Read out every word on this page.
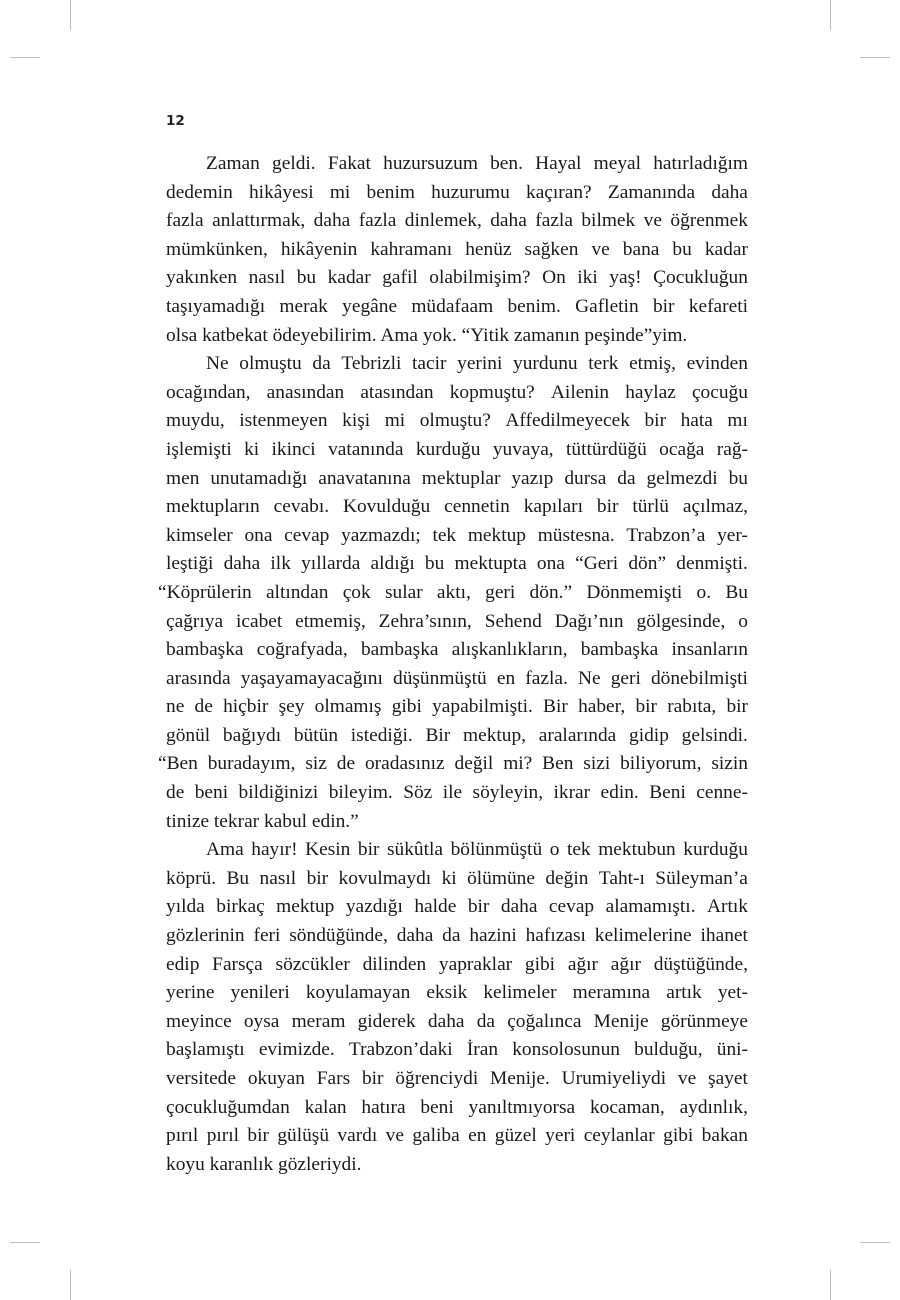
12
Zaman geldi. Fakat huzursuzum ben. Hayal meyal hatırladığım
dedemin hikâyesi mi benim huzurumu kaçıran? Zamanında daha
fazla anlattırmak, daha fazla dinlemek, daha fazla bilmek ve öğrenmek
mümkünken, hikâyenin kahramanı henüz sağken ve bana bu kadar
yakınken nasıl bu kadar gafil olabilmişim? On iki yaş! Çocukluğun
taşıyamadığı merak yegâne müdafaam benim. Gafletin bir kefareti
olsa katbekat ödeyebilirim. Ama yok. “Yitik zamanın peşinde”yim.
Ne olmuştu da Tebrizli tacir yerini yurdunu terk etmiş, evinden
ocağından, anasından atasından kopmuştu? Ailenin haylaz çocuğu
muydu, istenmeyen kişi mi olmuştu? Affedilmeyecek bir hata mı
işlemişti ki ikinci vatanında kurduğu yuvaya, tüttürdüğü ocağa rağ-
men unutamadığı anavatanına mektuplar yazıp dursa da gelmezdi bu
mektupların cevabı. Kovulduğu cennetin kapıları bir türlü açılmaz,
kimseler ona cevap yazmazdı; tek mektup müstesna. Trabzon’a yer-
leştiği daha ilk yıllarda aldığı bu mektupta ona “Geri dön” denmişti.
“Köprülerin altından çok sular aktı, geri dön.” Dönmemişti o. Bu
çağrıya icabet etmemiş, Zehra’sının, Sehend Dağı’nın gölgesinde, o
bambaşka coğrafyada, bambaşka alışkanlıkların, bambaşka insanların
arasında yaşayamayacağını düşünmüştü en fazla. Ne geri dönebilmişti
ne de hiçbir şey olmamış gibi yapabilmişti. Bir haber, bir rabıta, bir
gönül bağıydı bütün istediği. Bir mektup, aralarında gidip gelsindi.
“Ben buradayım, siz de oradasınız değil mi? Ben sizi biliyorum, sizin
de beni bildiğinizi bileyim. Söz ile söyleyin, ikrar edin. Beni cenne-
tinize tekrar kabul edin.”
Ama hayır! Kesin bir sükûtla bölünmüştü o tek mektubun kurduğu
köprü. Bu nasıl bir kovulmaydı ki ölümüne değin Taht-ı Süleyman’a
yılda birkaç mektup yazdığı halde bir daha cevap alamamıştı. Artık
gözlerinin feri söndüğünde, daha da hazini hafızası kelimelerine ihanet
edip Farsça sözcükler dilinden yapraklar gibi ağır ağır düştüğünde,
yerine yenileri koyulamayan eksik kelimeler meramına artık yet-
meyince oysa meram giderek daha da çoğalınca Menije görünmeye
başlamıştı evimizde. Trabzon’daki İran konsolosunun bulduğu, üni-
versitede okuyan Fars bir öğrenciydi Menije. Urumiyeliydi ve şayet
çocukluğumdan kalan hatıra beni yanıltmıyorsa kocaman, aydınlık,
pırıl pırıl bir gülüşü vardı ve galiba en güzel yeri ceylanlar gibi bakan
koyu karanlık gözleriydi.
